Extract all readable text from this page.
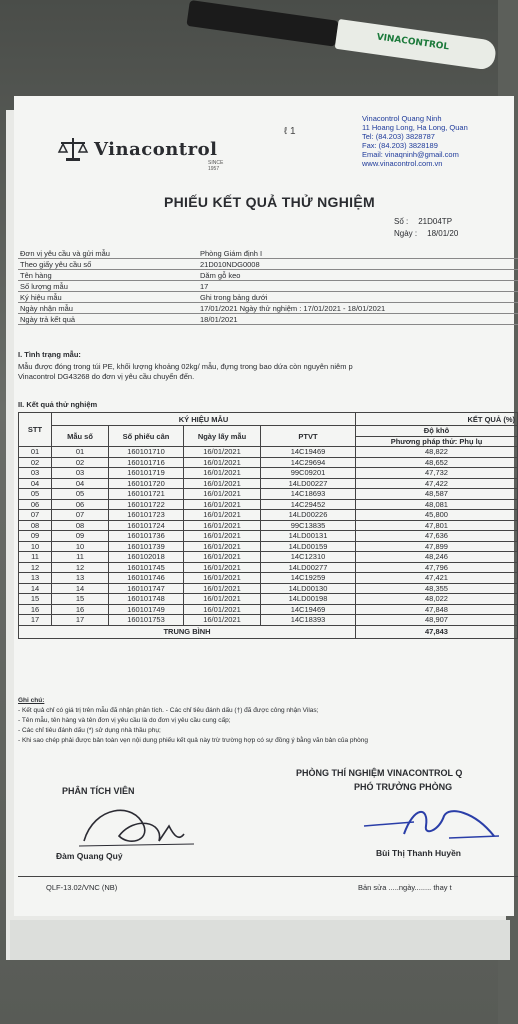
VINACONTROL
Vinacontrol
SINCE 1957
ℓ 1
Vinacontrol Quang Ninh
11 Hoang Long, Ha Long, Quan
Tel: (84.203) 3828787
Fax: (84.203) 3828189
Email: vinaqninh@gmail.com
www.vinacontrol.com.vn
PHIẾU KẾT QUẢ THỬ NGHIỆM
Số : 21D04TP
Ngày : 18/01/20
Đơn vị yêu cầu và gửi mẫu	Phòng Giám định I
Theo giấy yêu cầu số	21D010NDG0008
Tên hàng	Dăm gỗ keo
Số lượng mẫu	17
Ký hiệu mẫu	Ghi trong bảng dưới
Ngày nhận mẫu	17/01/2021 Ngày thử nghiệm : 17/01/2021 - 18/01/2021
Ngày trả kết quả	18/01/2021
I. Tình trạng mẫu:
Mẫu được đóng trong túi PE, khối lượng khoảng 02kg/ mẫu, đựng trong bao dứa còn nguyên niêm p
Vinacontrol DG43268 do đơn vị yêu cầu chuyển đến.
II. Kết quả thử nghiệm
STT	KÝ HIỆU MẪU				KẾT QUẢ (%)
	Mẫu số	Số phiếu cân	Ngày lấy mẫu	PTVT	Độ khô
					Phương pháp thử: Phụ lụ
01	01	160101710	16/01/2021	14C19469	48,822
02	02	160101716	16/01/2021	14C29694	48,652
03	03	160101719	16/01/2021	99C09201	47,732
04	04	160101720	16/01/2021	14LD00227	47,422
05	05	160101721	16/01/2021	14C18693	48,587
06	06	160101722	16/01/2021	14C29452	48,081
07	07	160101723	16/01/2021	14LD00226	45,800
08	08	160101724	16/01/2021	99C13835	47,801
09	09	160101736	16/01/2021	14LD00131	47,636
10	10	160101739	16/01/2021	14LD00159	47,899
11	11	160102018	16/01/2021	14C12310	48,246
12	12	160101745	16/01/2021	14LD00277	47,796
13	13	160101746	16/01/2021	14C19259	47,421
14	14	160101747	16/01/2021	14LD00130	48,355
15	15	160101748	16/01/2021	14LD00198	48,022
16	16	160101749	16/01/2021	14C19469	47,848
17	17	160101753	16/01/2021	14C18393	48,907
TRUNG BÌNH					47,843
Ghi chú:
- Kết quả chỉ có giá trị trên mẫu đã nhận phân tích. - Các chỉ tiêu đánh dấu (†) đã được công nhận Vilas;
- Tên mẫu, tên hàng và tên đơn vị yêu cầu là do đơn vị yêu cầu cung cấp;
- Các chỉ tiêu đánh dấu (*) sử dụng nhà thầu phụ;
- Khi sao chép phải được bản toàn vẹn nội dung phiếu kết quả này trừ trường hợp có sự đồng ý bằng văn bản của phòng
PHÒNG THÍ NGHIỆM VINACONTROL Q
PHÂN TÍCH VIÊN	PHÓ TRƯỞNG PHÒNG
Đàm Quang Quý	Bùi Thị Thanh Huyền
QLF-13.02/VNC (NB)	Bản sửa .....ngày........ thay t
